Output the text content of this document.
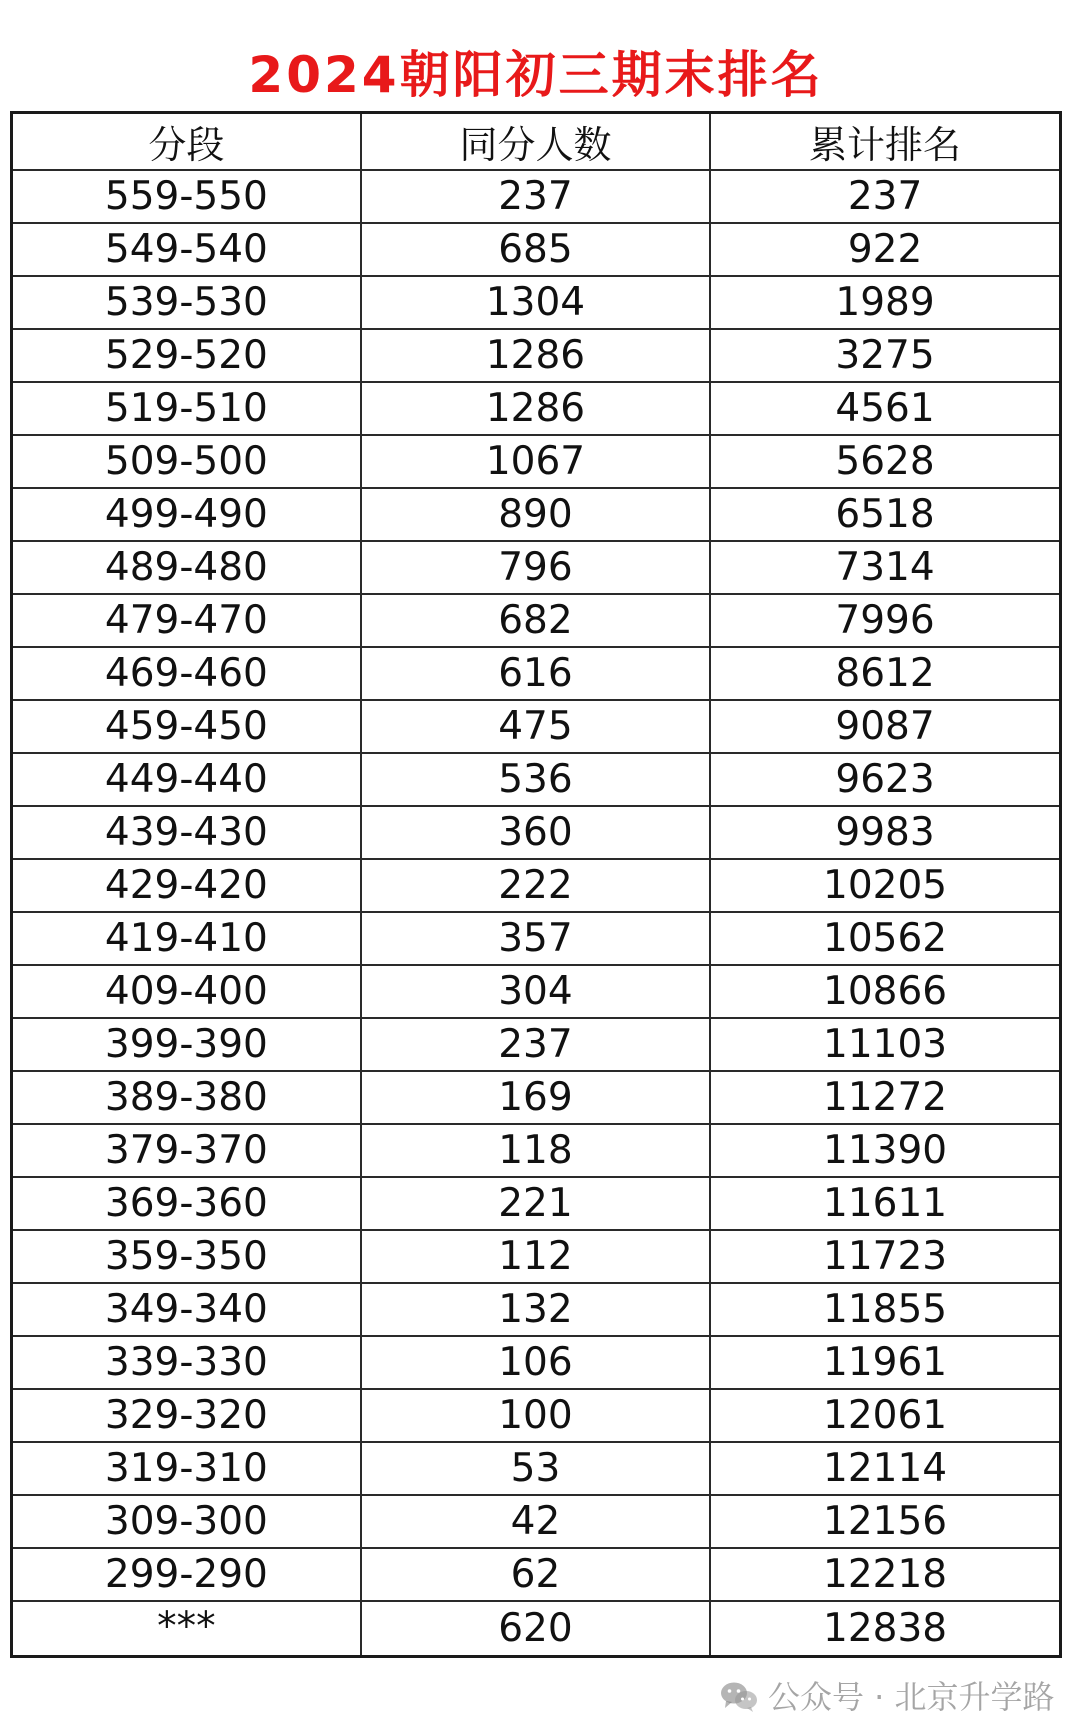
2024朝阳初三期末排名
分段	同分人数	累计排名
559-550	237	237
549-540	685	922
539-530	1304	1989
529-520	1286	3275
519-510	1286	4561
509-500	1067	5628
499-490	890	6518
489-480	796	7314
479-470	682	7996
469-460	616	8612
459-450	475	9087
449-440	536	9623
439-430	360	9983
429-420	222	10205
419-410	357	10562
409-400	304	10866
399-390	237	11103
389-380	169	11272
379-370	118	11390
369-360	221	11611
359-350	112	11723
349-340	132	11855
339-330	106	11961
329-320	100	12061
319-310	53	12114
309-300	42	12156
299-290	62	12218
***	620	12838
公众号 · 北京升学路
